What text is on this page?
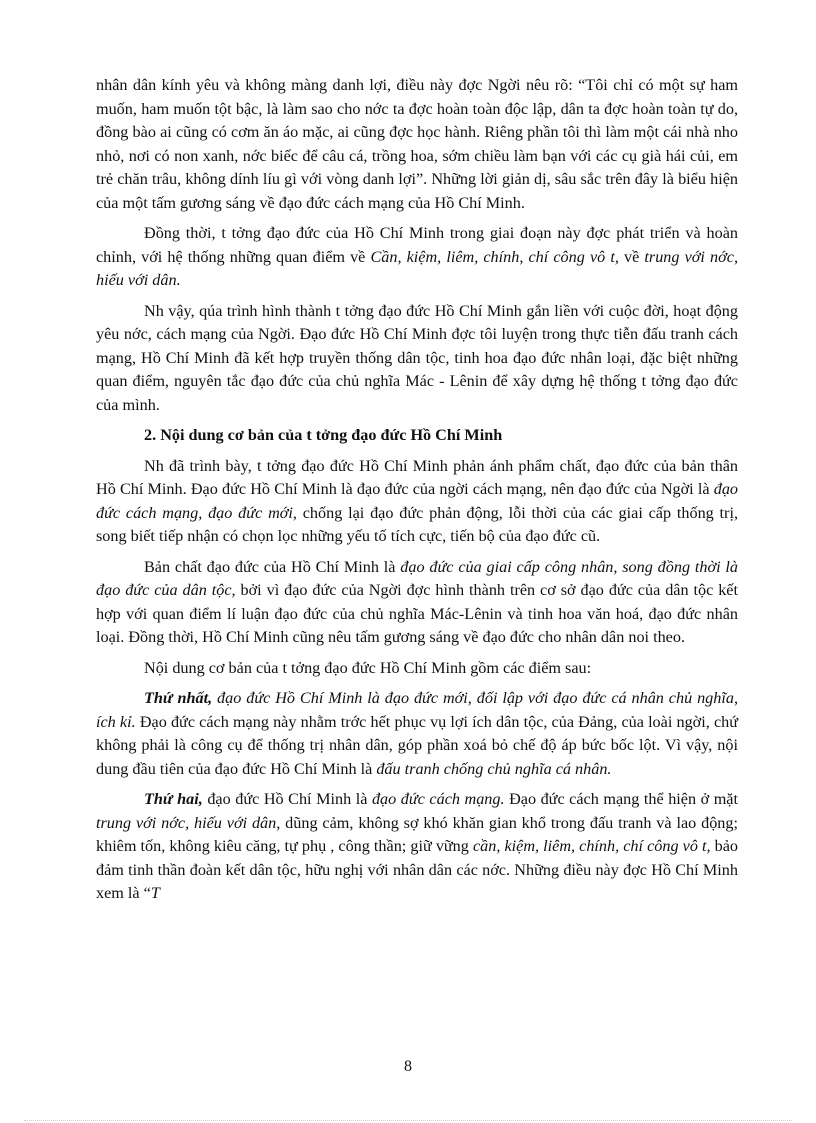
nhân dân kính yêu và không màng danh lợi, điều này đợc Ngời nêu rõ: “Tôi chỉ có một sự ham muốn, ham muốn tột bậc, là làm sao cho nớc ta đợc hoàn toàn độc lập, dân ta đợc hoàn toàn tự do, đồng bào ai cũng có cơm ăn áo mặc, ai cũng đợc học hành. Riêng phần tôi thì làm một cái nhà nho nhỏ, nơi có non xanh, nớc biếc để câu cá, trồng hoa, sớm chiều làm bạn với các cụ già hái củi, em trẻ chăn trâu, không dính líu gì với vòng danh lợi”. Những lời giản dị, sâu sắc trên đây là biểu hiện của một tấm gương sáng về đạo đức cách mạng của Hồ Chí Minh.

Đồng thời, t tởng đạo đức của Hồ Chí Minh trong giai đoạn này đợc phát triển và hoàn chỉnh, với hệ thống những quan điểm về Cần, kiệm, liêm, chính, chí công vô t, về trung với nớc, hiếu với dân.

Nh vậy, qúa trình hình thành t tởng đạo đức Hồ Chí Minh gắn liền với cuộc đời, hoạt động yêu nớc, cách mạng của Ngời. Đạo đức Hồ Chí Minh đợc tôi luyện trong thực tiễn đấu tranh cách mạng, Hồ Chí Minh đã kết hợp truyền thống dân tộc, tinh hoa đạo đức nhân loại, đặc biệt những quan điểm, nguyên tắc đạo đức của chủ nghĩa Mác - Lênin để xây dựng hệ thống t tởng đạo đức của mình.

2. Nội dung cơ bản của t tởng đạo đức Hồ Chí Minh

Nh đã trình bày, t tởng đạo đức Hồ Chí Minh phản ánh phẩm chất, đạo đức của bản thân Hồ Chí Minh. Đạo đức Hồ Chí Minh là đạo đức của ngời cách mạng, nên đạo đức của Ngời là đạo đức cách mạng, đạo đức mới, chống lại đạo đức phản động, lỗi thời của các giai cấp thống trị, song biết tiếp nhận có chọn lọc những yếu tố tích cực, tiến bộ của đạo đức cũ.

Bản chất đạo đức của Hồ Chí Minh là đạo đức của giai cấp công nhân, song đồng thời là đạo đức của dân tộc, bởi vì đạo đức của Ngời đợc hình thành trên cơ sở đạo đức của dân tộc kết hợp với quan điểm lí luận đạo đức của chủ nghĩa Mác-Lênin và tinh hoa văn hoá, đạo đức nhân loại. Đồng thời, Hồ Chí Minh cũng nêu tấm gương sáng về đạo đức cho nhân dân noi theo.

Nội dung cơ bản của t tởng đạo đức Hồ Chí Minh gồm các điểm sau:

Thứ nhất, đạo đức Hồ Chí Minh là đạo đức mới, đối lập với đạo đức cá nhân chủ nghĩa, ích kỉ. Đạo đức cách mạng này nhằm trớc hết phục vụ lợi ích dân tộc, của Đảng, của loài ngời, chứ không phải là công cụ để thống trị nhân dân, góp phần xoá bỏ chế độ áp bức bốc lột. Vì vậy, nội dung đầu tiên của đạo đức Hồ Chí Minh là đấu tranh chống chủ nghĩa cá nhân.

Thứ hai, đạo đức Hồ Chí Minh là đạo đức cách mạng. Đạo đức cách mạng thể hiện ở mặt trung với nớc, hiếu với dân, dũng cảm, không sợ khó khăn gian khổ trong đấu tranh và lao động; khiêm tốn, không kiêu căng, tự phụ , công thần; giữ vững cần, kiệm, liêm, chính, chí công vô t, bảo đảm tinh thần đoàn kết dân tộc, hữu nghị với nhân dân các nớc. Những điều này đợc Hồ Chí Minh xem là “T

8
